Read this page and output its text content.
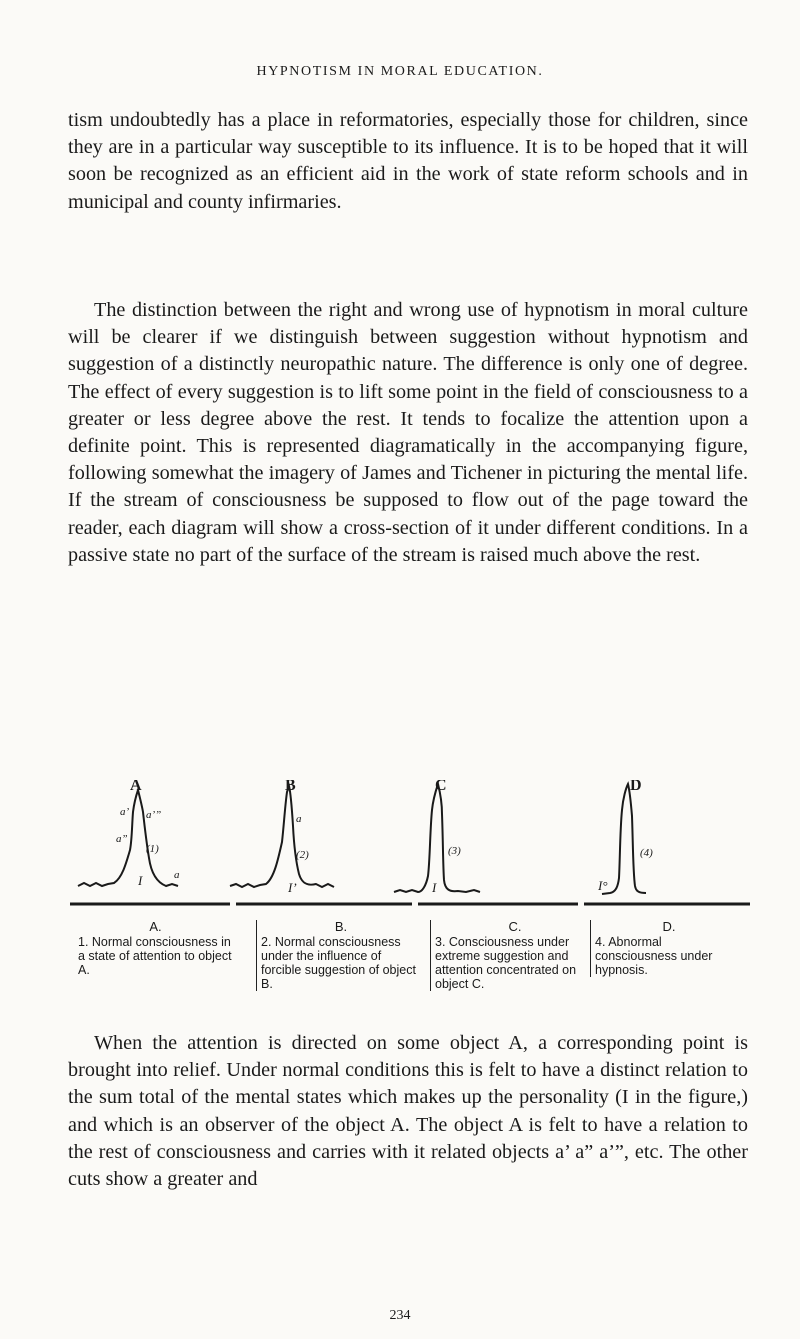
HYPNOTISM IN MORAL EDUCATION.

tism undoubtedly has a place in reformatories, especially those for children, since they are in a particular way susceptible to its influence. It is to be hoped that it will soon be recognized as an efficient aid in the work of state reform schools and in municipal and county infirmaries.

The distinction between the right and wrong use of hypnotism in moral culture will be clearer if we distinguish between suggestion without hypnotism and suggestion of a distinctly neuropathic nature. The difference is only one of degree. The effect of every suggestion is to lift some point in the field of consciousness to a greater or less degree above the rest. It tends to focalize the attention upon a definite point. This is represented diagramatically in the accompanying figure, following somewhat the imagery of James and Tichener in picturing the mental life. If the stream of consciousness be supposed to flow out of the page toward the reader, each diagram will show a cross-section of it under different conditions. In a passive state no part of the surface of the stream is raised much above the rest.

A	B	C	D
a’
a”
a’”
(1)
I
a
(2)
I’
a
(3)
I
(4)
I°
A.
1. Normal consciousness in a state of attention to object A.
B.
2. Normal consciousness under the influence of forcible suggestion of object B.
C.
3. Consciousness under extreme suggestion and attention concentrated on object C.
D.
4. Abnormal consciousness under hypnosis.

When the attention is directed on some object A, a corresponding point is brought into relief. Under normal conditions this is felt to have a distinct relation to the sum total of the mental states which makes up the personality (I in the figure,) and which is an observer of the object A. The object A is felt to have a relation to the rest of consciousness and carries with it related objects a’ a” a’”, etc. The other cuts show a greater and

234
